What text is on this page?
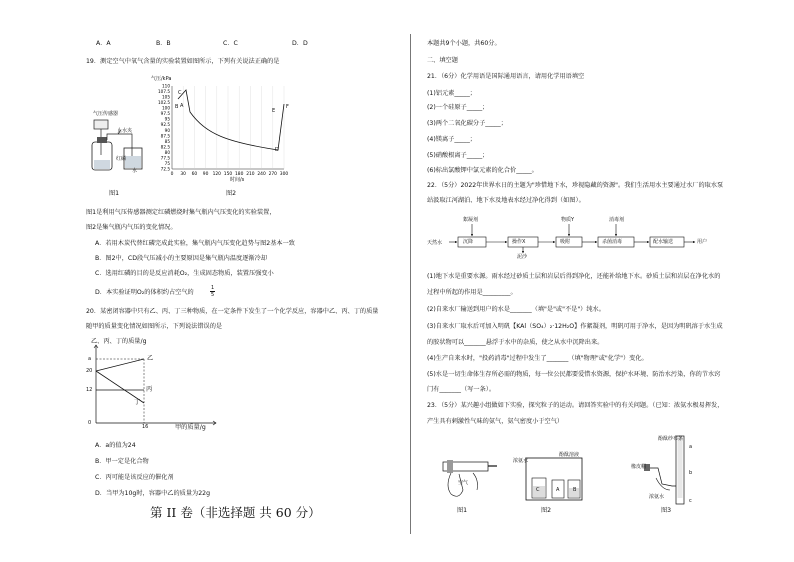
A．A	B．B	C．C	D．D
19．测定空气中氧气含量的实验装置如图所示，下列有关说法正确的是
气压传感器
止水夹
红磷
水
图1
气压/kPa
110
107.5
105
102.5
100
97.5
95
92.5
90
87.5
85
82.5
80
77.5
75
72.5
0 30 60 90 120 150 180 210 240 270 300
C
B A
D
E
F
时间/s
图2
图1是利用气压传感器测定红磷燃烧时集气瓶内气压变化的实验装置，
图2是集气瓶内气压的变化情况。
A．若用木炭代替红磷完成此实验，集气瓶内气压变化趋势与图2基本一致
B．图2中，CD段气压减小的主要原因是集气瓶内温度逐渐冷却
C．选用红磷的目的是反应消耗O₂，生成固态物质，装置压强变小
D．本实验证明O₂的体积约占空气的
1
5
20．某密闭容器中只有乙、丙、丁三种物质，在一定条件下发生了一个化学反应，容器中乙、丙、丁的质量
随甲的质量变化情况如图所示，下列说法错误的是
乙、丙、丁的质量/g
a
20
12
0
16
乙
丙
丁
甲的质量/g
A．a的值为24
B．甲一定是化合物
C．丙可能是该反应的催化剂
D．当甲为10g时，容器中乙的质量为22g
第 II 卷（非选择题 共 60 分）
本题共9个小题，共60分。
二、填空题
21．（6分）化学用语是国际通用语言，请用化学用语填空
(1)铝元素_____；
(2)一个硅原子_____；
(3)两个二氧化碳分子_____；
(4)镁离子_____；
(5)硝酸根离子_____；
(6)标出氯酸钾中氯元素的化合价_____。
22．（5分）2022年世界水日的主题为"珍惜地下水，珍视隐藏的资源"。我们生活用水主要通过水厂的取水泵
站汲取江河湖泊、地下水及地表水经过净化得到（如图）。
天然水	沉降	操作X	吸附	杀菌消毒	配水输送	用户
絮凝剂	物质Y	消毒剂
泥沙
(1)地下水是重要水源。雨水经过砂质土层和岩层后得到净化，还能补给地下水。砂质土层和岩层在净化水的
过程中所起的作用是_________。
(2)自来水厂输送到用户的水是_______（填"是"或"不是"）纯水。
(3)自来水厂取水后可加入明矾【KAl（SO₄）₂·12H₂O】作絮凝剂，明矾可用于净水，是因为明矾溶于水生成
的胶状物可以_______悬浮于水中的杂质，使之从水中沉降出来。
(4)生产自来水时，"投药消毒"过程中发生了_______（填"物理"或"化学"）变化。
(5)水是一切生命体生存所必需的物质，每一位公民都要爱惜水资源，保护水环境、防治水污染，你的节水窍
门有_______（写一条）。
23．（5分）某兴趣小组做如下实验，探究粒子的运动。请回答实验中的有关问题。（已知：浓氨水极易挥发，
产生具有刺激性气味的氨气，氨气密度小于空气）
空气
图1
浓氨水
酚酞溶液
C	A	B
图2
酚酞纱布条
橡皮帽
浓氨水
a
b
c
图3
